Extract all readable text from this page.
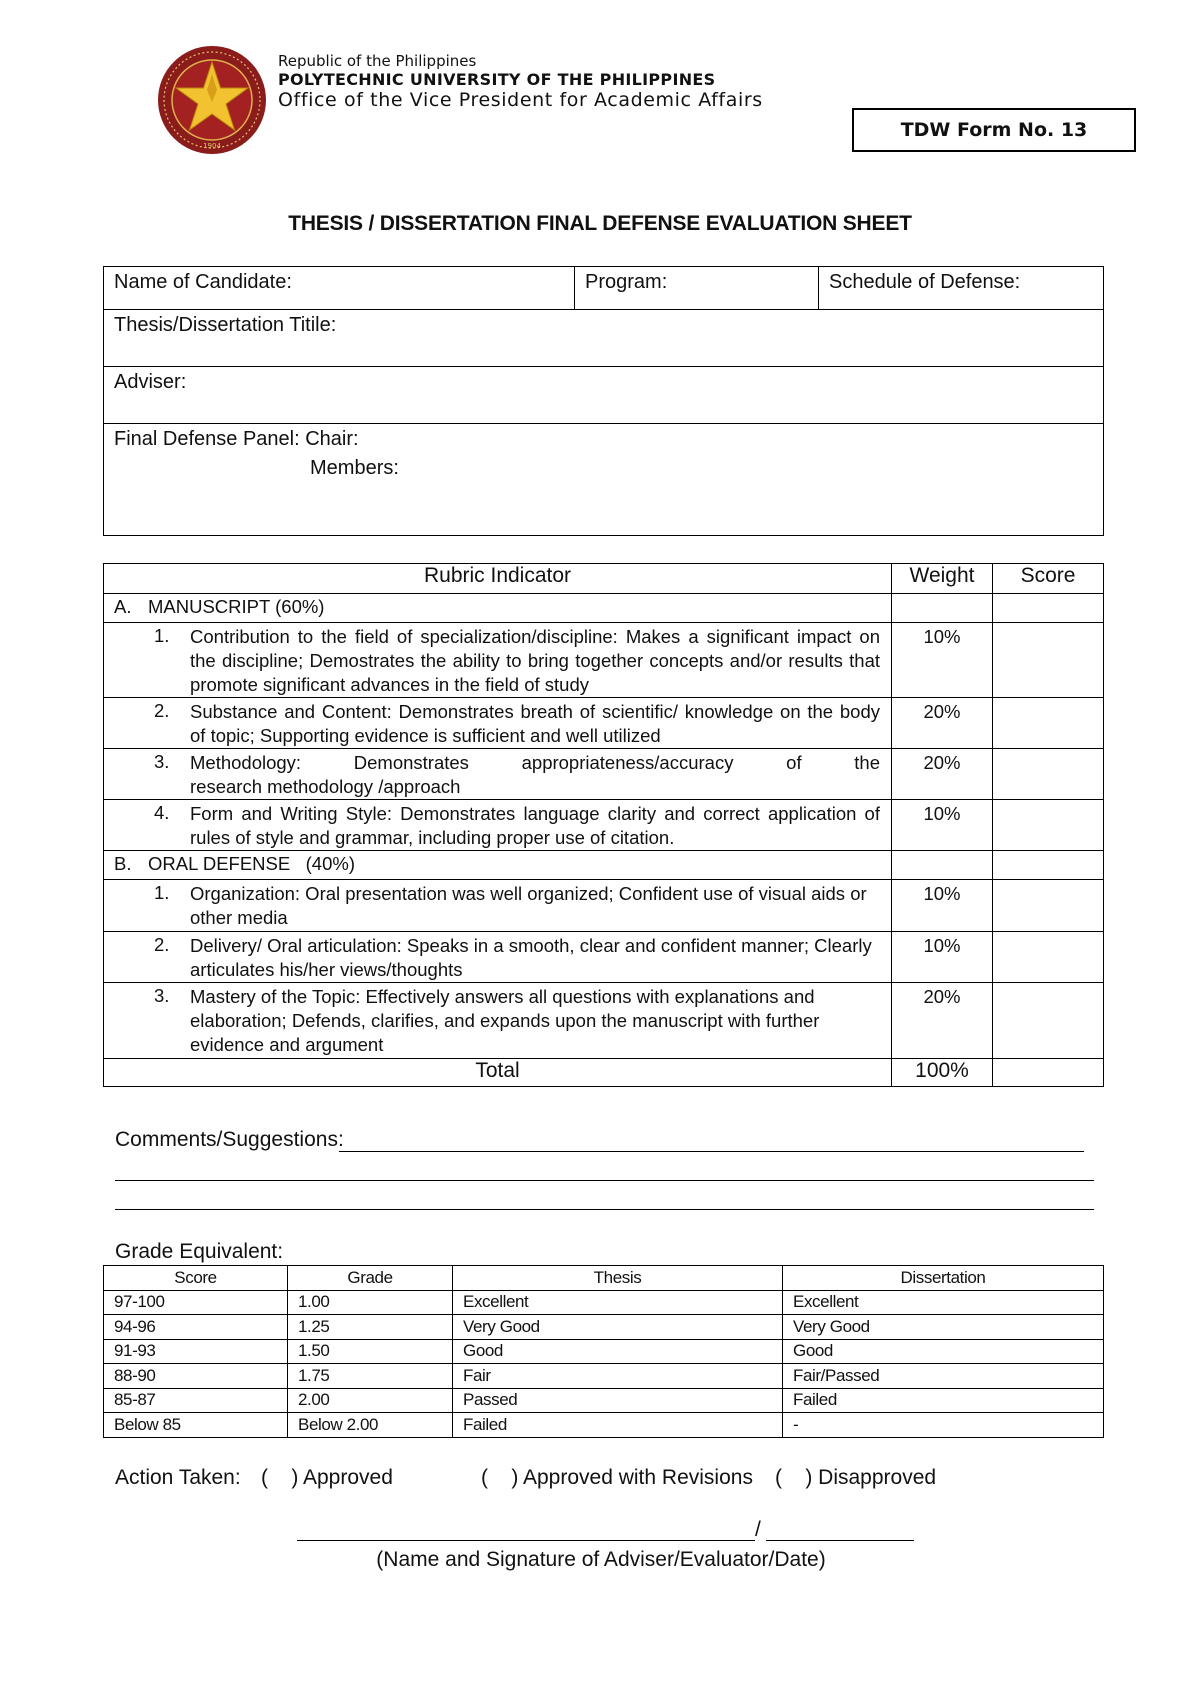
1904
Republic of the Philippines
POLYTECHNIC UNIVERSITY OF THE PHILIPPINES
Office of the Vice President for Academic Affairs
TDW Form No. 13
THESIS / DISSERTATION FINAL DEFENSE EVALUATION SHEET
Name of Candidate:	Program:	Schedule of Defense:
Thesis/Dissertation Titile:
Adviser:
Final Defense Panel: Chair:
Members:
Rubric Indicator	Weight	Score
A. MANUSCRIPT (60%)		
1. Contribution to the field of specialization/discipline: Makes a significant impact on the discipline; Demostrates the ability to bring together concepts and/or results that promote significant advances in the field of study	10%	
2. Substance and Content: Demonstrates breath of scientific/ knowledge on the body of topic; Supporting evidence is sufficient and well utilized	20%	
3. Methodology:      Demonstrates      appropriateness/accuracy      of      the      research methodology /approach	20%	
4. Form and Writing Style: Demonstrates language clarity and correct application of rules of style and grammar, including proper use of citation.	10%	
B. ORAL DEFENSE   (40%)		
1. Organization: Oral presentation was well organized; Confident use of visual aids or other media	10%	
2. Delivery/ Oral articulation: Speaks in a smooth, clear and confident manner; Clearly articulates his/her views/thoughts	10%	
3. Mastery of the Topic: Effectively answers all questions with explanations and elaboration; Defends, clarifies, and expands upon the manuscript with further evidence and argument	20%	
Total	100%	
Comments/Suggestions:
Grade Equivalent:
Score	Grade	Thesis	Dissertation
97-100	1.00	Excellent	Excellent
94-96	1.25	Very Good	Very Good
91-93	1.50	Good	Good
88-90	1.75	Fair	Fair/Passed
85-87	2.00	Passed	Failed
Below 85	Below 2.00	Failed	-
Action Taken: (    ) Approved	(    ) Approved with Revisions (    ) Disapproved
/
(Name and Signature of Adviser/Evaluator/Date)
